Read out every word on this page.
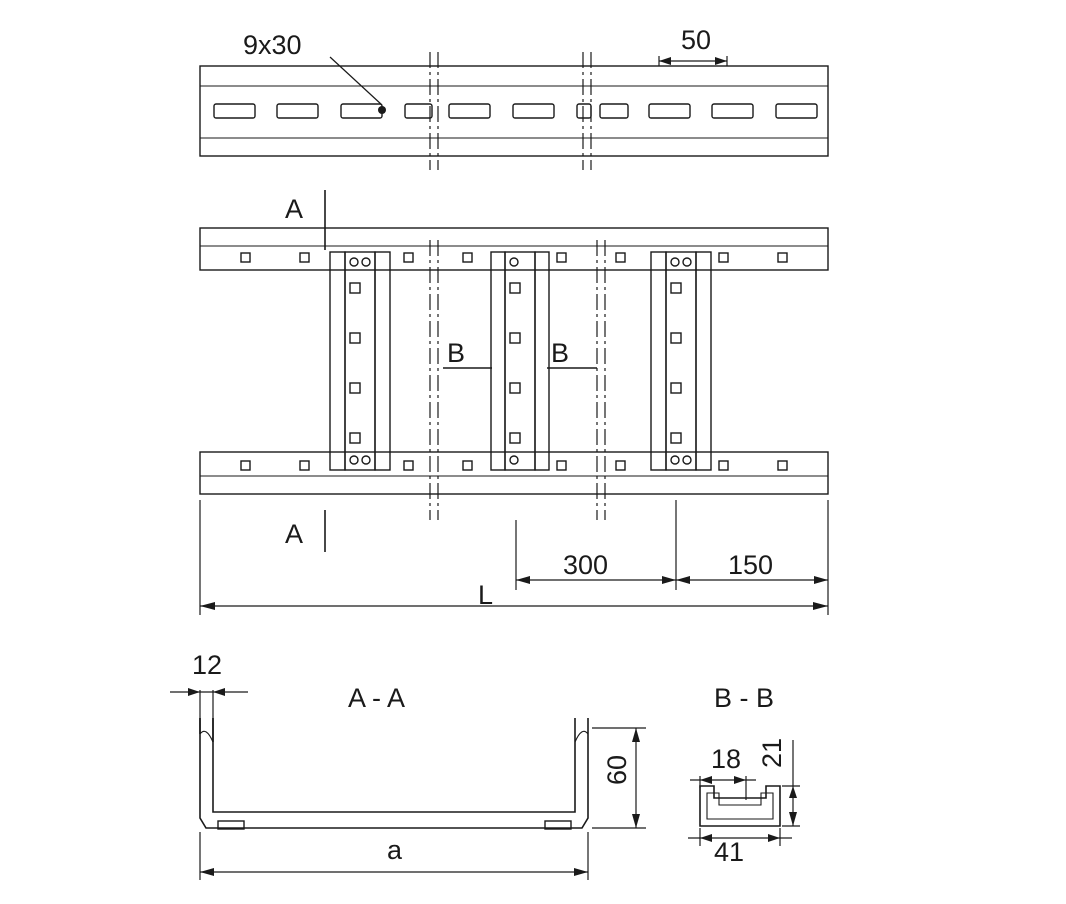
9x30	50
A
A
B	B
300	150
L
A - A
12
60
a
B - B
18 21
41
